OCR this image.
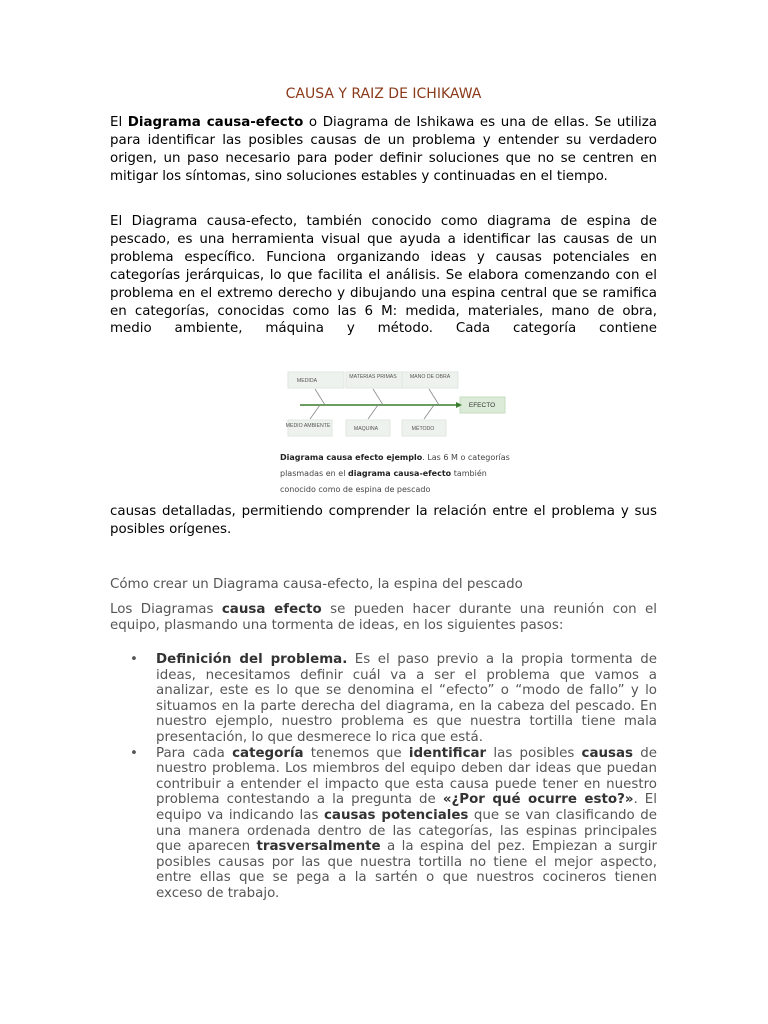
CAUSA Y RAIZ DE ICHIKAWA

El Diagrama causa-efecto o Diagrama de Ishikawa es una de ellas. Se utiliza para identificar las posibles causas de un problema y entender su verdadero origen, un paso necesario para poder definir soluciones que no se centren en mitigar los síntomas, sino soluciones estables y continuadas en el tiempo.

El Diagrama causa-efecto, también conocido como diagrama de espina de pescado, es una herramienta visual que ayuda a identificar las causas de un problema específico. Funciona organizando ideas y causas potenciales en categorías jerárquicas, lo que facilita el análisis. Se elabora comenzando con el problema en el extremo derecho y dibujando una espina central que se ramifica en categorías, conocidas como las 6 M: medida, materiales, mano de obra, medio ambiente, máquina y método. Cada categoría contiene

MEDIDA
MATERIAS PRIMAS	MANO DE OBRA
MEDIO AMBIENTE	MAQUINA	MÉTODO
EFECTO
Diagrama causa efecto ejemplo. Las 6 M o categorías plasmadas en el diagrama causa-efecto también conocido como de espina de pescado

causas detalladas, permitiendo comprender la relación entre el problema y sus posibles orígenes.

Cómo crear un Diagrama causa-efecto, la espina del pescado

Los Diagramas causa efecto se pueden hacer durante una reunión con el equipo, plasmando una tormenta de ideas, en los siguientes pasos:

• Definición del problema. Es el paso previo a la propia tormenta de ideas, necesitamos definir cuál va a ser el problema que vamos a analizar, este es lo que se denomina el “efecto” o “modo de fallo” y lo situamos en la parte derecha del diagrama, en la cabeza del pescado. En nuestro ejemplo, nuestro problema es que nuestra tortilla tiene mala presentación, lo que desmerece lo rica que está.
• Para cada categoría tenemos que identificar las posibles causas de nuestro problema. Los miembros del equipo deben dar ideas que puedan contribuir a entender el impacto que esta causa puede tener en nuestro problema contestando a la pregunta de «¿Por qué ocurre esto?». El equipo va indicando las causas potenciales que se van clasificando de una manera ordenada dentro de las categorías, las espinas principales que aparecen trasversalmente a la espina del pez. Empiezan a surgir posibles causas por las que nuestra tortilla no tiene el mejor aspecto, entre ellas que se pega a la sartén o que nuestros cocineros tienen exceso de trabajo.
